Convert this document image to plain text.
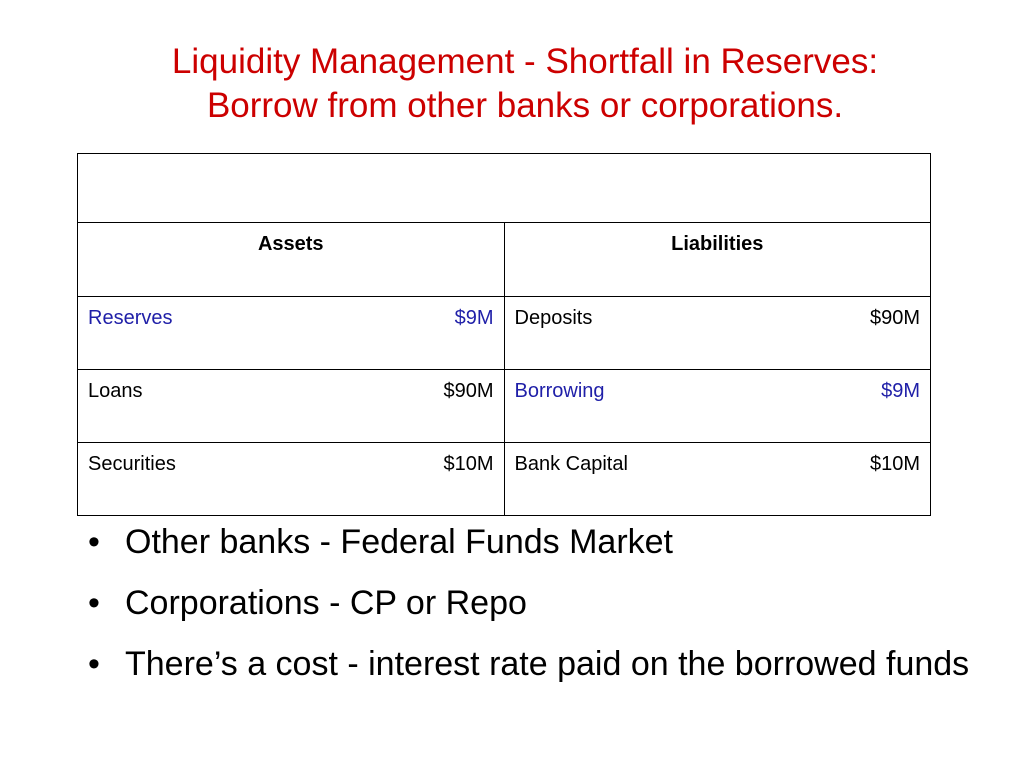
Liquidity Management - Shortfall in Reserves:
Borrow from other banks or corporations.

Assets	Liabilities

Reserves $9M	Deposits $90M

Loans $90M	Borrowing $9M

Securities $10M	Bank Capital $10M
• Other banks - Federal Funds Market
• Corporations - CP or Repo
• There’s a cost - interest rate paid on the borrowed funds
